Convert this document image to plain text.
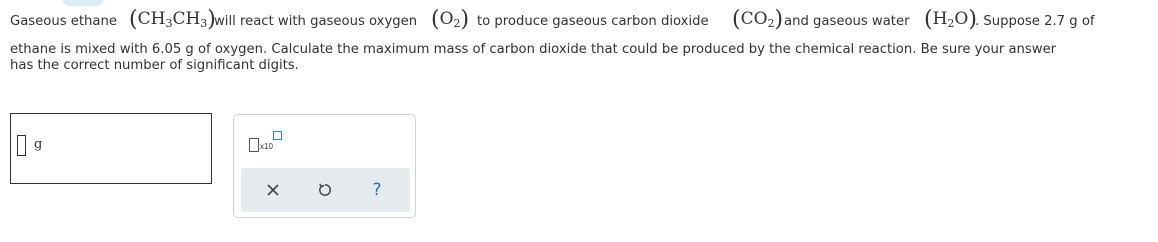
Gaseous ethane $(CH_3CH_3)$
will react with gaseous oxygen $(O_2)$ to produce gaseous carbon dioxide $(CO_2)$ and gaseous water $(H_2O)$
. Suppose 2.7 g of
ethane is mixed with 6.05 g of oxygen. Calculate the maximum mass of carbon dioxide that could be produced by the chemical reaction. Be sure your answer
has the correct number of significant digits.
g	x10
?
